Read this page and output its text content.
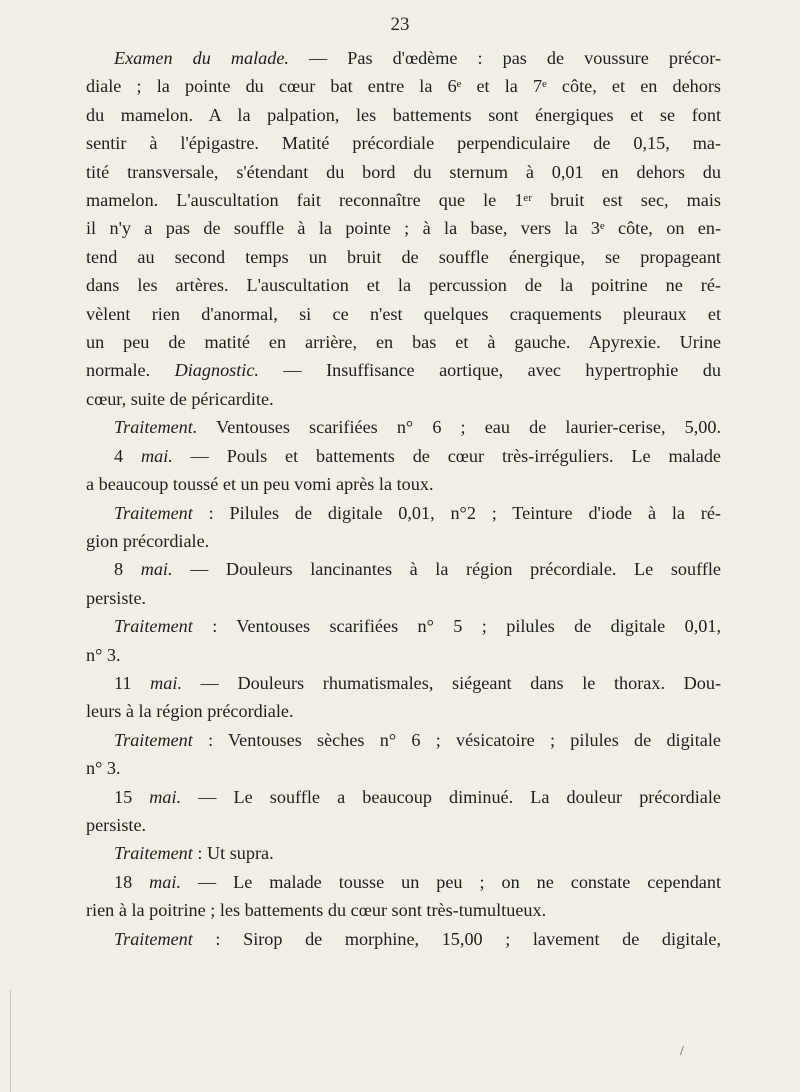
23
Examen du malade. — Pas d'œdème : pas de voussure précor-
diale ; la pointe du cœur bat entre la 6ᵉ et la 7ᵉ côte, et en dehors
du mamelon. A la palpation, les battements sont énergiques et se font
sentir à l'épigastre. Matité précordiale perpendiculaire de 0,15, ma-
tité transversale, s'étendant du bord du sternum à 0,01 en dehors du
mamelon. L'auscultation fait reconnaître que le 1ᵉʳ bruit est sec, mais
il n'y a pas de souffle à la pointe ; à la base, vers la 3ᵉ côte, on en-
tend au second temps un bruit de souffle énergique, se propageant
dans les artères. L'auscultation et la percussion de la poitrine ne ré-
vèlent rien d'anormal, si ce n'est quelques craquements pleuraux et
un peu de matité en arrière, en bas et à gauche. Apyrexie. Urine
normale. Diagnostic. — Insuffisance aortique, avec hypertrophie du
cœur, suite de péricardite.
Traitement. Ventouses scarifiées n° 6 ; eau de laurier-cerise, 5,00.
4 mai. — Pouls et battements de cœur très-irréguliers. Le malade
a beaucoup toussé et un peu vomi après la toux.
Traitement : Pilules de digitale 0,01, n°2 ; Teinture d'iode à la ré-
gion précordiale.
8 mai. — Douleurs lancinantes à la région précordiale. Le souffle
persiste.
Traitement : Ventouses scarifiées n° 5 ; pilules de digitale 0,01,
n° 3.
11 mai. — Douleurs rhumatismales, siégeant dans le thorax. Dou-
leurs à la région précordiale.
Traitement : Ventouses sèches n° 6 ; vésicatoire ; pilules de digitale
n° 3.
15 mai. — Le souffle a beaucoup diminué. La douleur précordiale
persiste.
Traitement : Ut supra.
18 mai. — Le malade tousse un peu ; on ne constate cependant
rien à la poitrine ; les battements du cœur sont très-tumultueux.
Traitement : Sirop de morphine, 15,00 ; lavement de digitale,
/
